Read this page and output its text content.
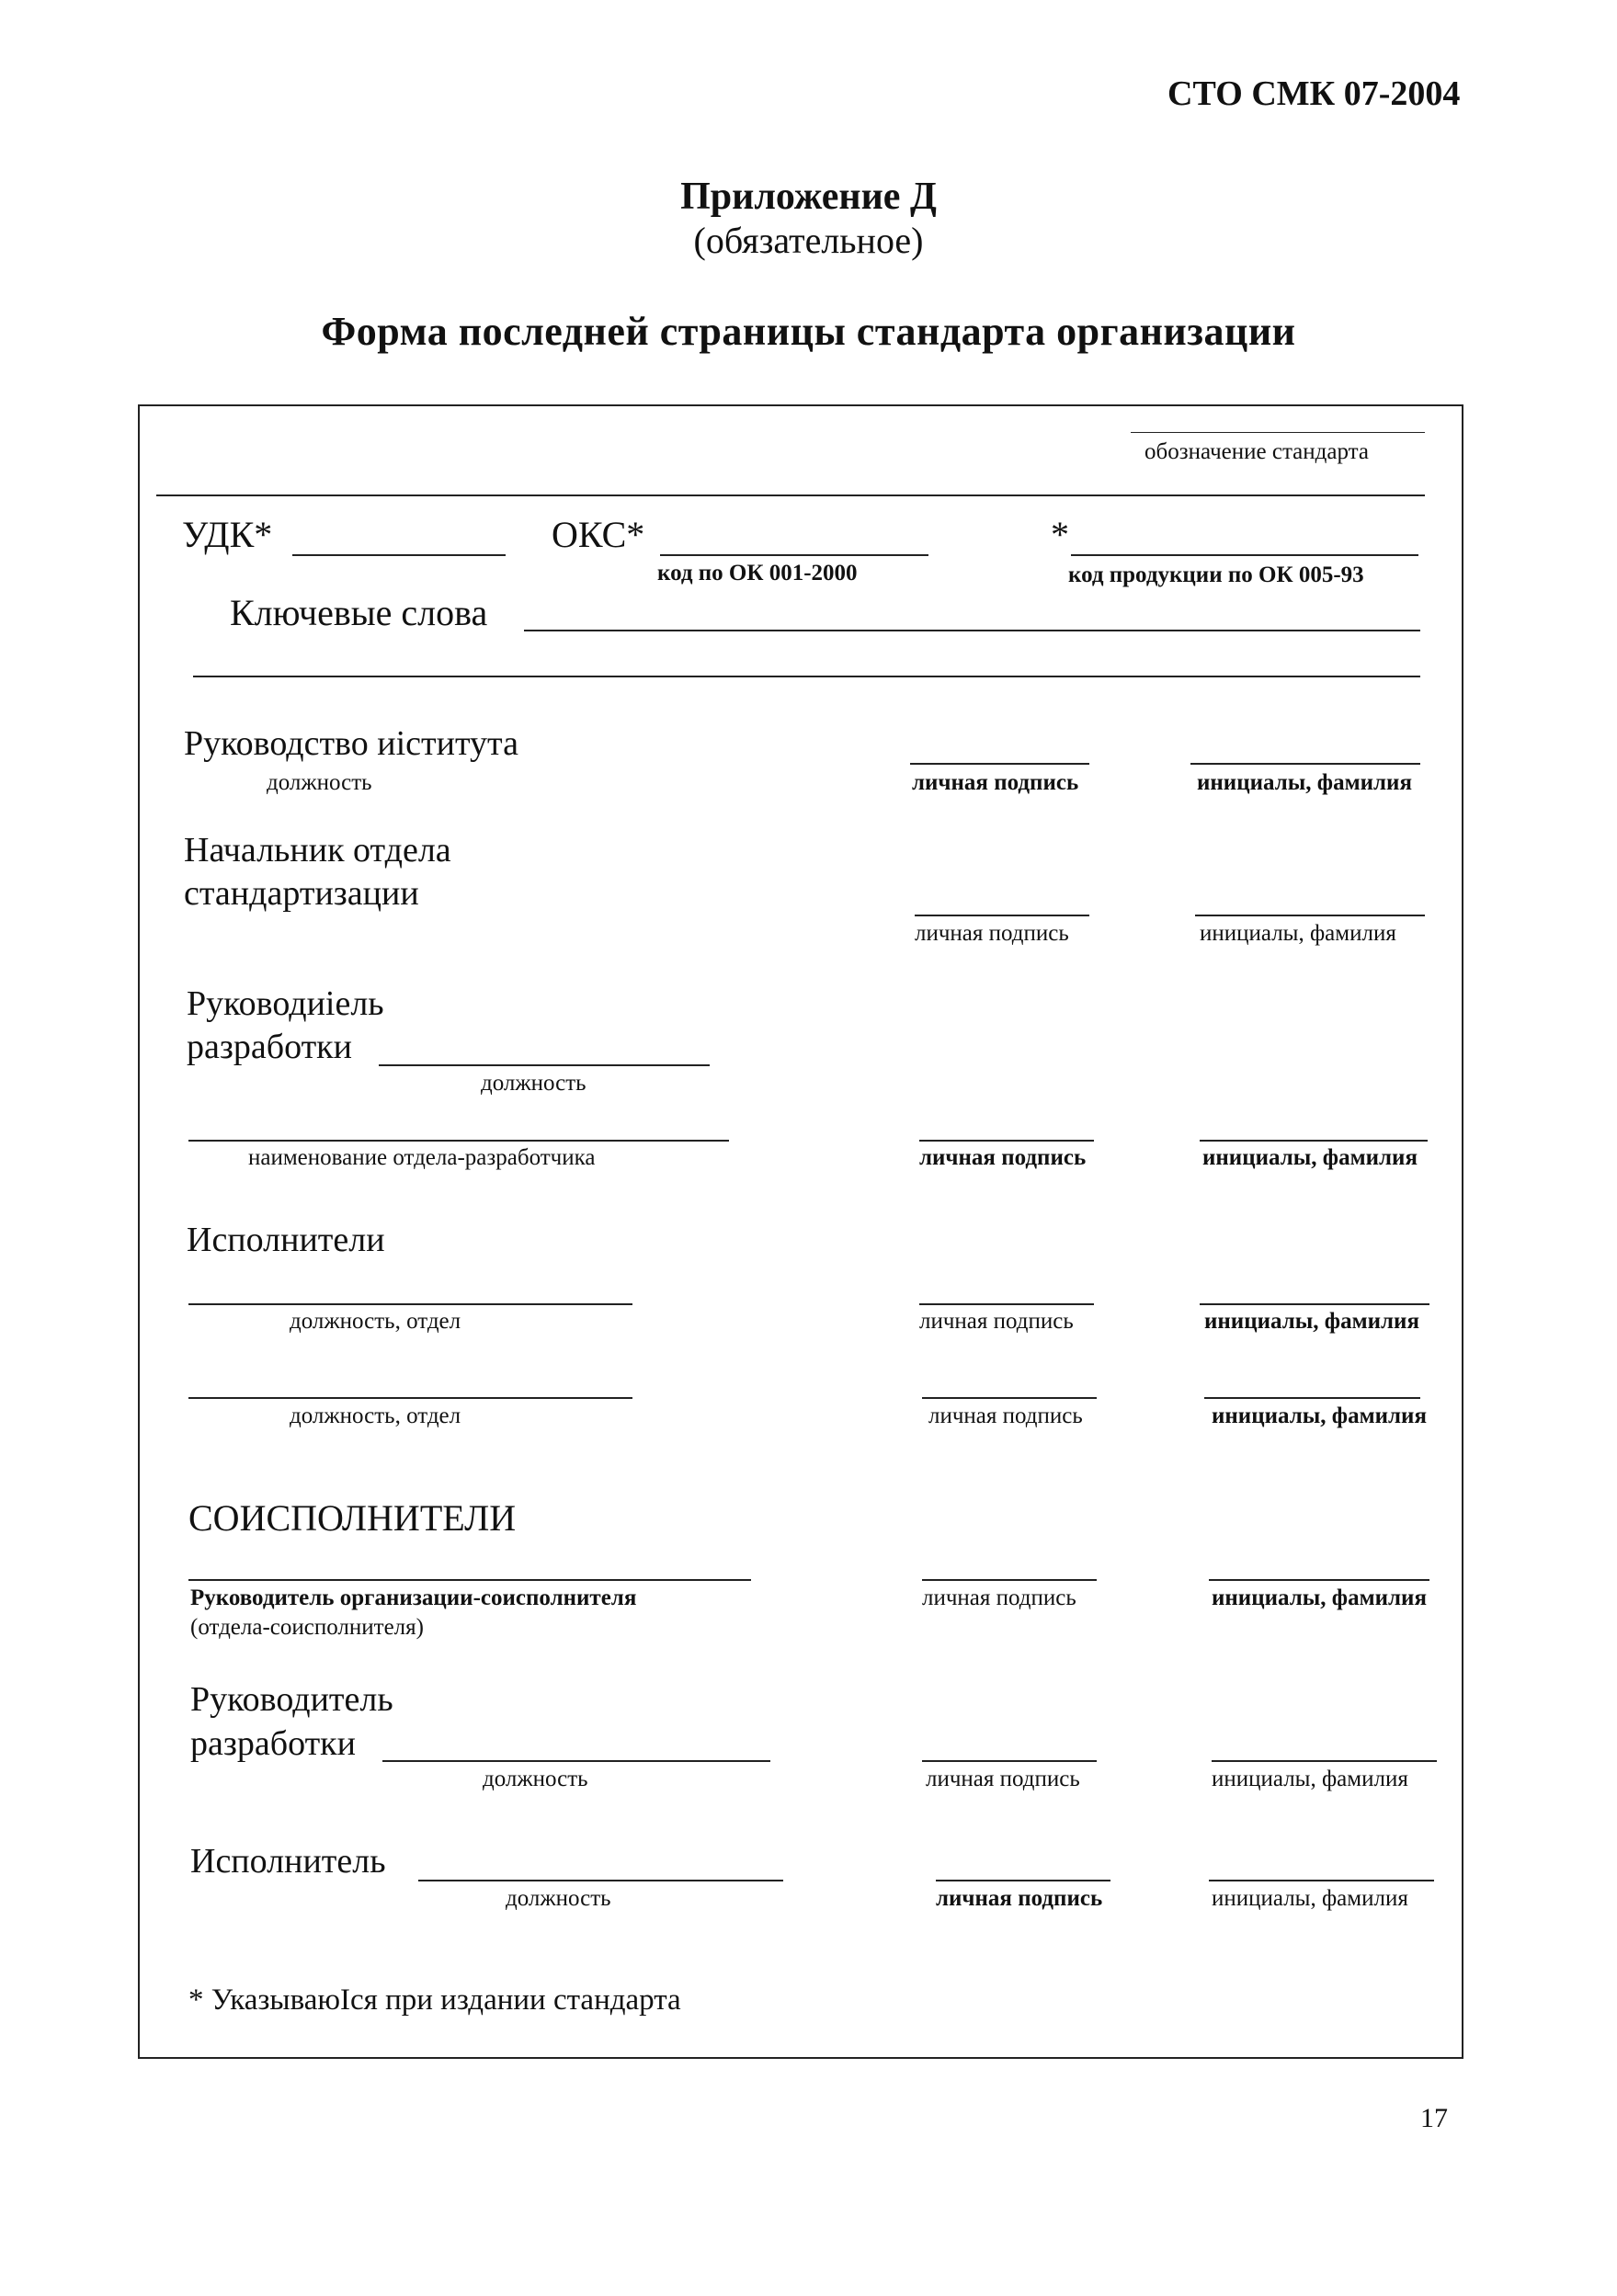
СТО СМК 07-2004
Приложение Д
(обязательное)
Форма последней страницы стандарта организации
обозначение стандарта
УДК*	ОКС*
код по ОК 001-2000
*
код продукции по ОК 005-93
Ключевые слова
Руководство иiститута
должность	личная подпись	инициалы, фамилия
Начальник отдела
стандартизации
личная подпись	инициалы, фамилия
Руководиiель
разработки
должность
наименование отдела-разработчика	личная подпись	инициалы, фамилия
Исполнители
должность, отдел	личная подпись	инициалы, фамилия
должность, отдел	личная подпись	инициалы, фамилия
СОИСПОЛНИТЕЛИ
Руководитель организации-соисполнителя
(отдела-соисполнителя)
личная подпись	инициалы, фамилия
Руководитель
разработки
должность	личная подпись	инициалы, фамилия
Исполнитель
должность	личная подпись	инициалы, фамилия
* УказываюIся при издании стандарта
17
